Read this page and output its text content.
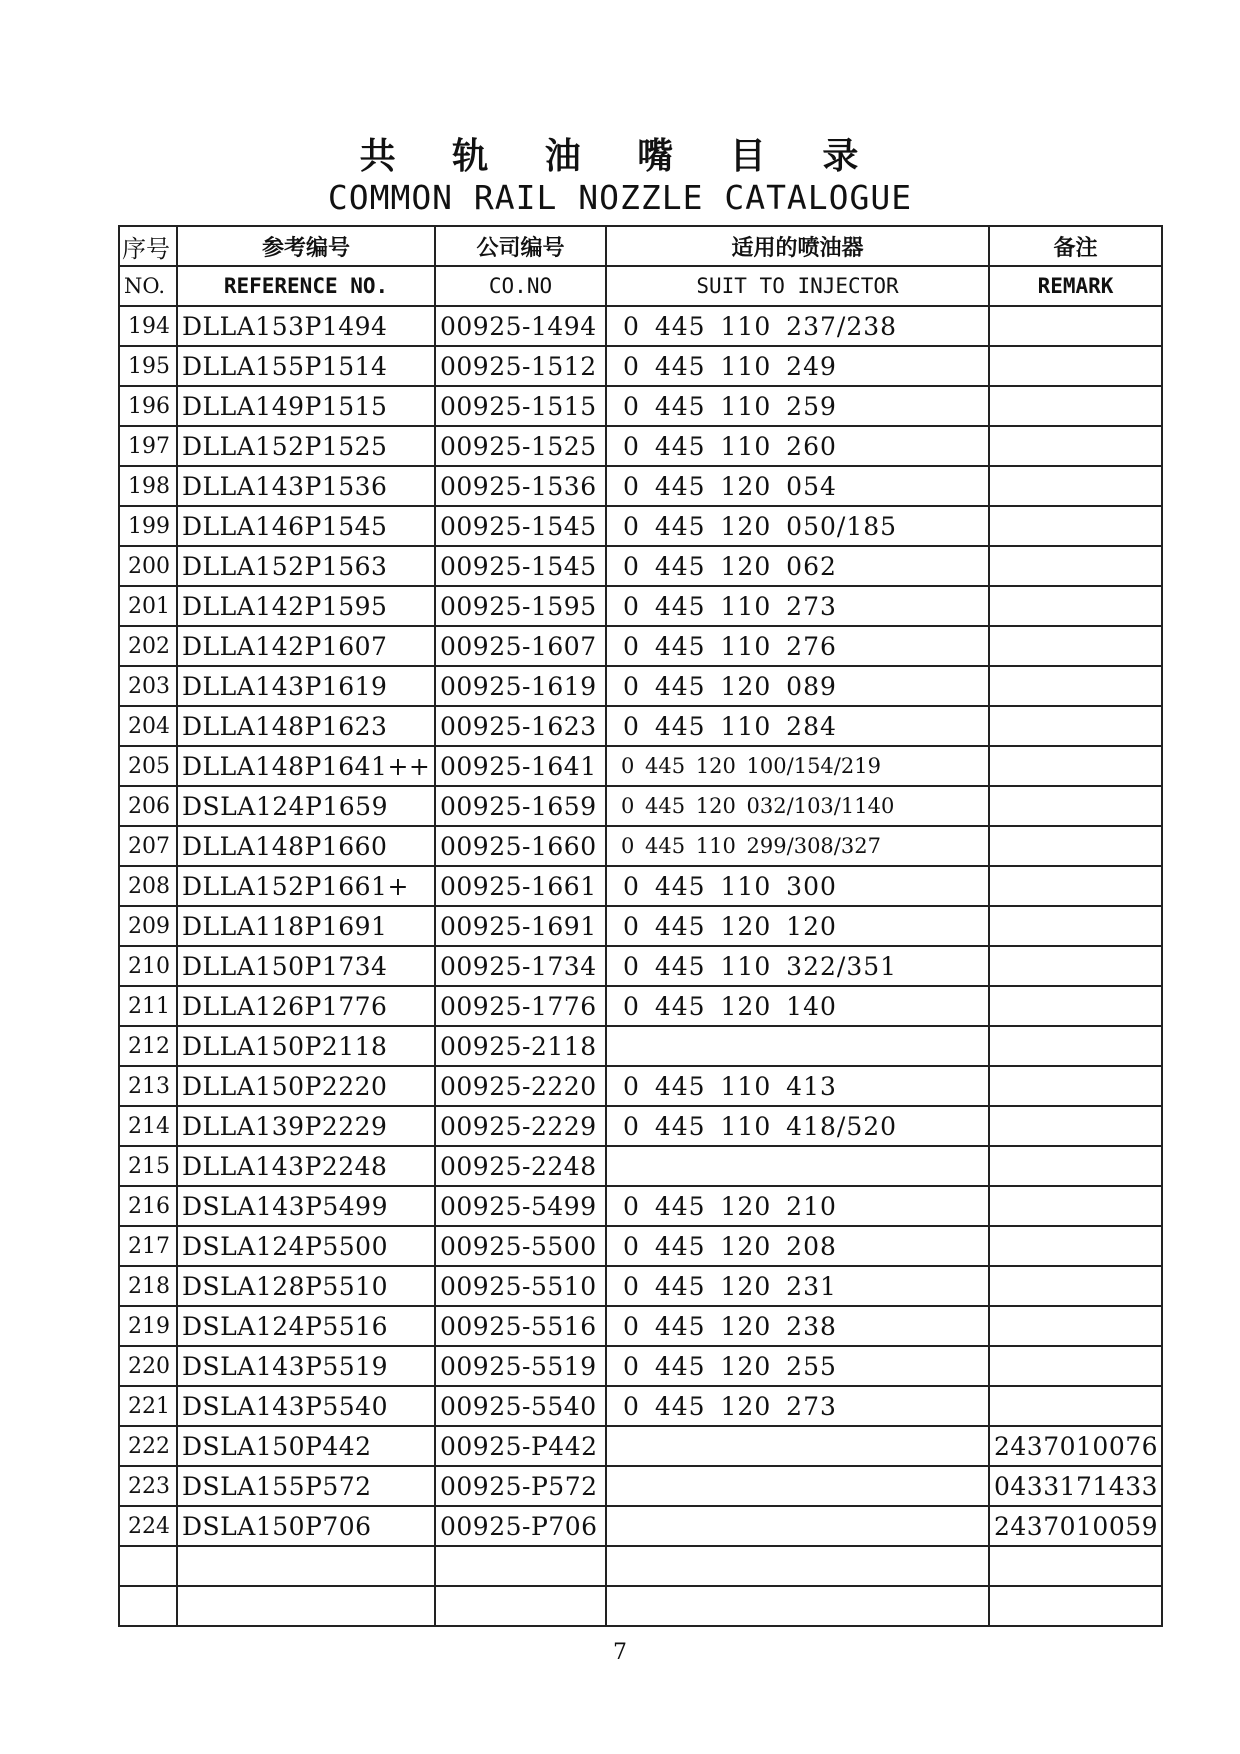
共 轨 油 嘴 目 录
COMMON RAIL NOZZLE CATALOGUE
序号	参考编号	公司编号	适用的喷油器	备注
NO.	REFERENCE NO.	CO.NO	SUIT TO INJECTOR	REMARK
194	DLLA153P1494	00925-1494	0 445 110 237/238	
195	DLLA155P1514	00925-1512	0 445 110 249	
196	DLLA149P1515	00925-1515	0 445 110 259	
197	DLLA152P1525	00925-1525	0 445 110 260	
198	DLLA143P1536	00925-1536	0 445 120 054	
199	DLLA146P1545	00925-1545	0 445 120 050/185	
200	DLLA152P1563	00925-1545	0 445 120 062	
201	DLLA142P1595	00925-1595	0 445 110 273	
202	DLLA142P1607	00925-1607	0 445 110 276	
203	DLLA143P1619	00925-1619	0 445 120 089	
204	DLLA148P1623	00925-1623	0 445 110 284	
205	DLLA148P1641++	00925-1641	0 445 120 100/154/219	
206	DSLA124P1659	00925-1659	0 445 120 032/103/1140	
207	DLLA148P1660	00925-1660	0 445 110 299/308/327	
208	DLLA152P1661+	00925-1661	0 445 110 300	
209	DLLA118P1691	00925-1691	0 445 120 120	
210	DLLA150P1734	00925-1734	0 445 110 322/351	
211	DLLA126P1776	00925-1776	0 445 120 140	
212	DLLA150P2118	00925-2118		
213	DLLA150P2220	00925-2220	0 445 110 413	
214	DLLA139P2229	00925-2229	0 445 110 418/520	
215	DLLA143P2248	00925-2248		
216	DSLA143P5499	00925-5499	0 445 120 210	
217	DSLA124P5500	00925-5500	0 445 120 208	
218	DSLA128P5510	00925-5510	0 445 120 231	
219	DSLA124P5516	00925-5516	0 445 120 238	
220	DSLA143P5519	00925-5519	0 445 120 255	
221	DSLA143P5540	00925-5540	0 445 120 273	
222	DSLA150P442	00925-P442		2437010076
223	DSLA155P572	00925-P572		0433171433
224	DSLA150P706	00925-P706		2437010059

7
